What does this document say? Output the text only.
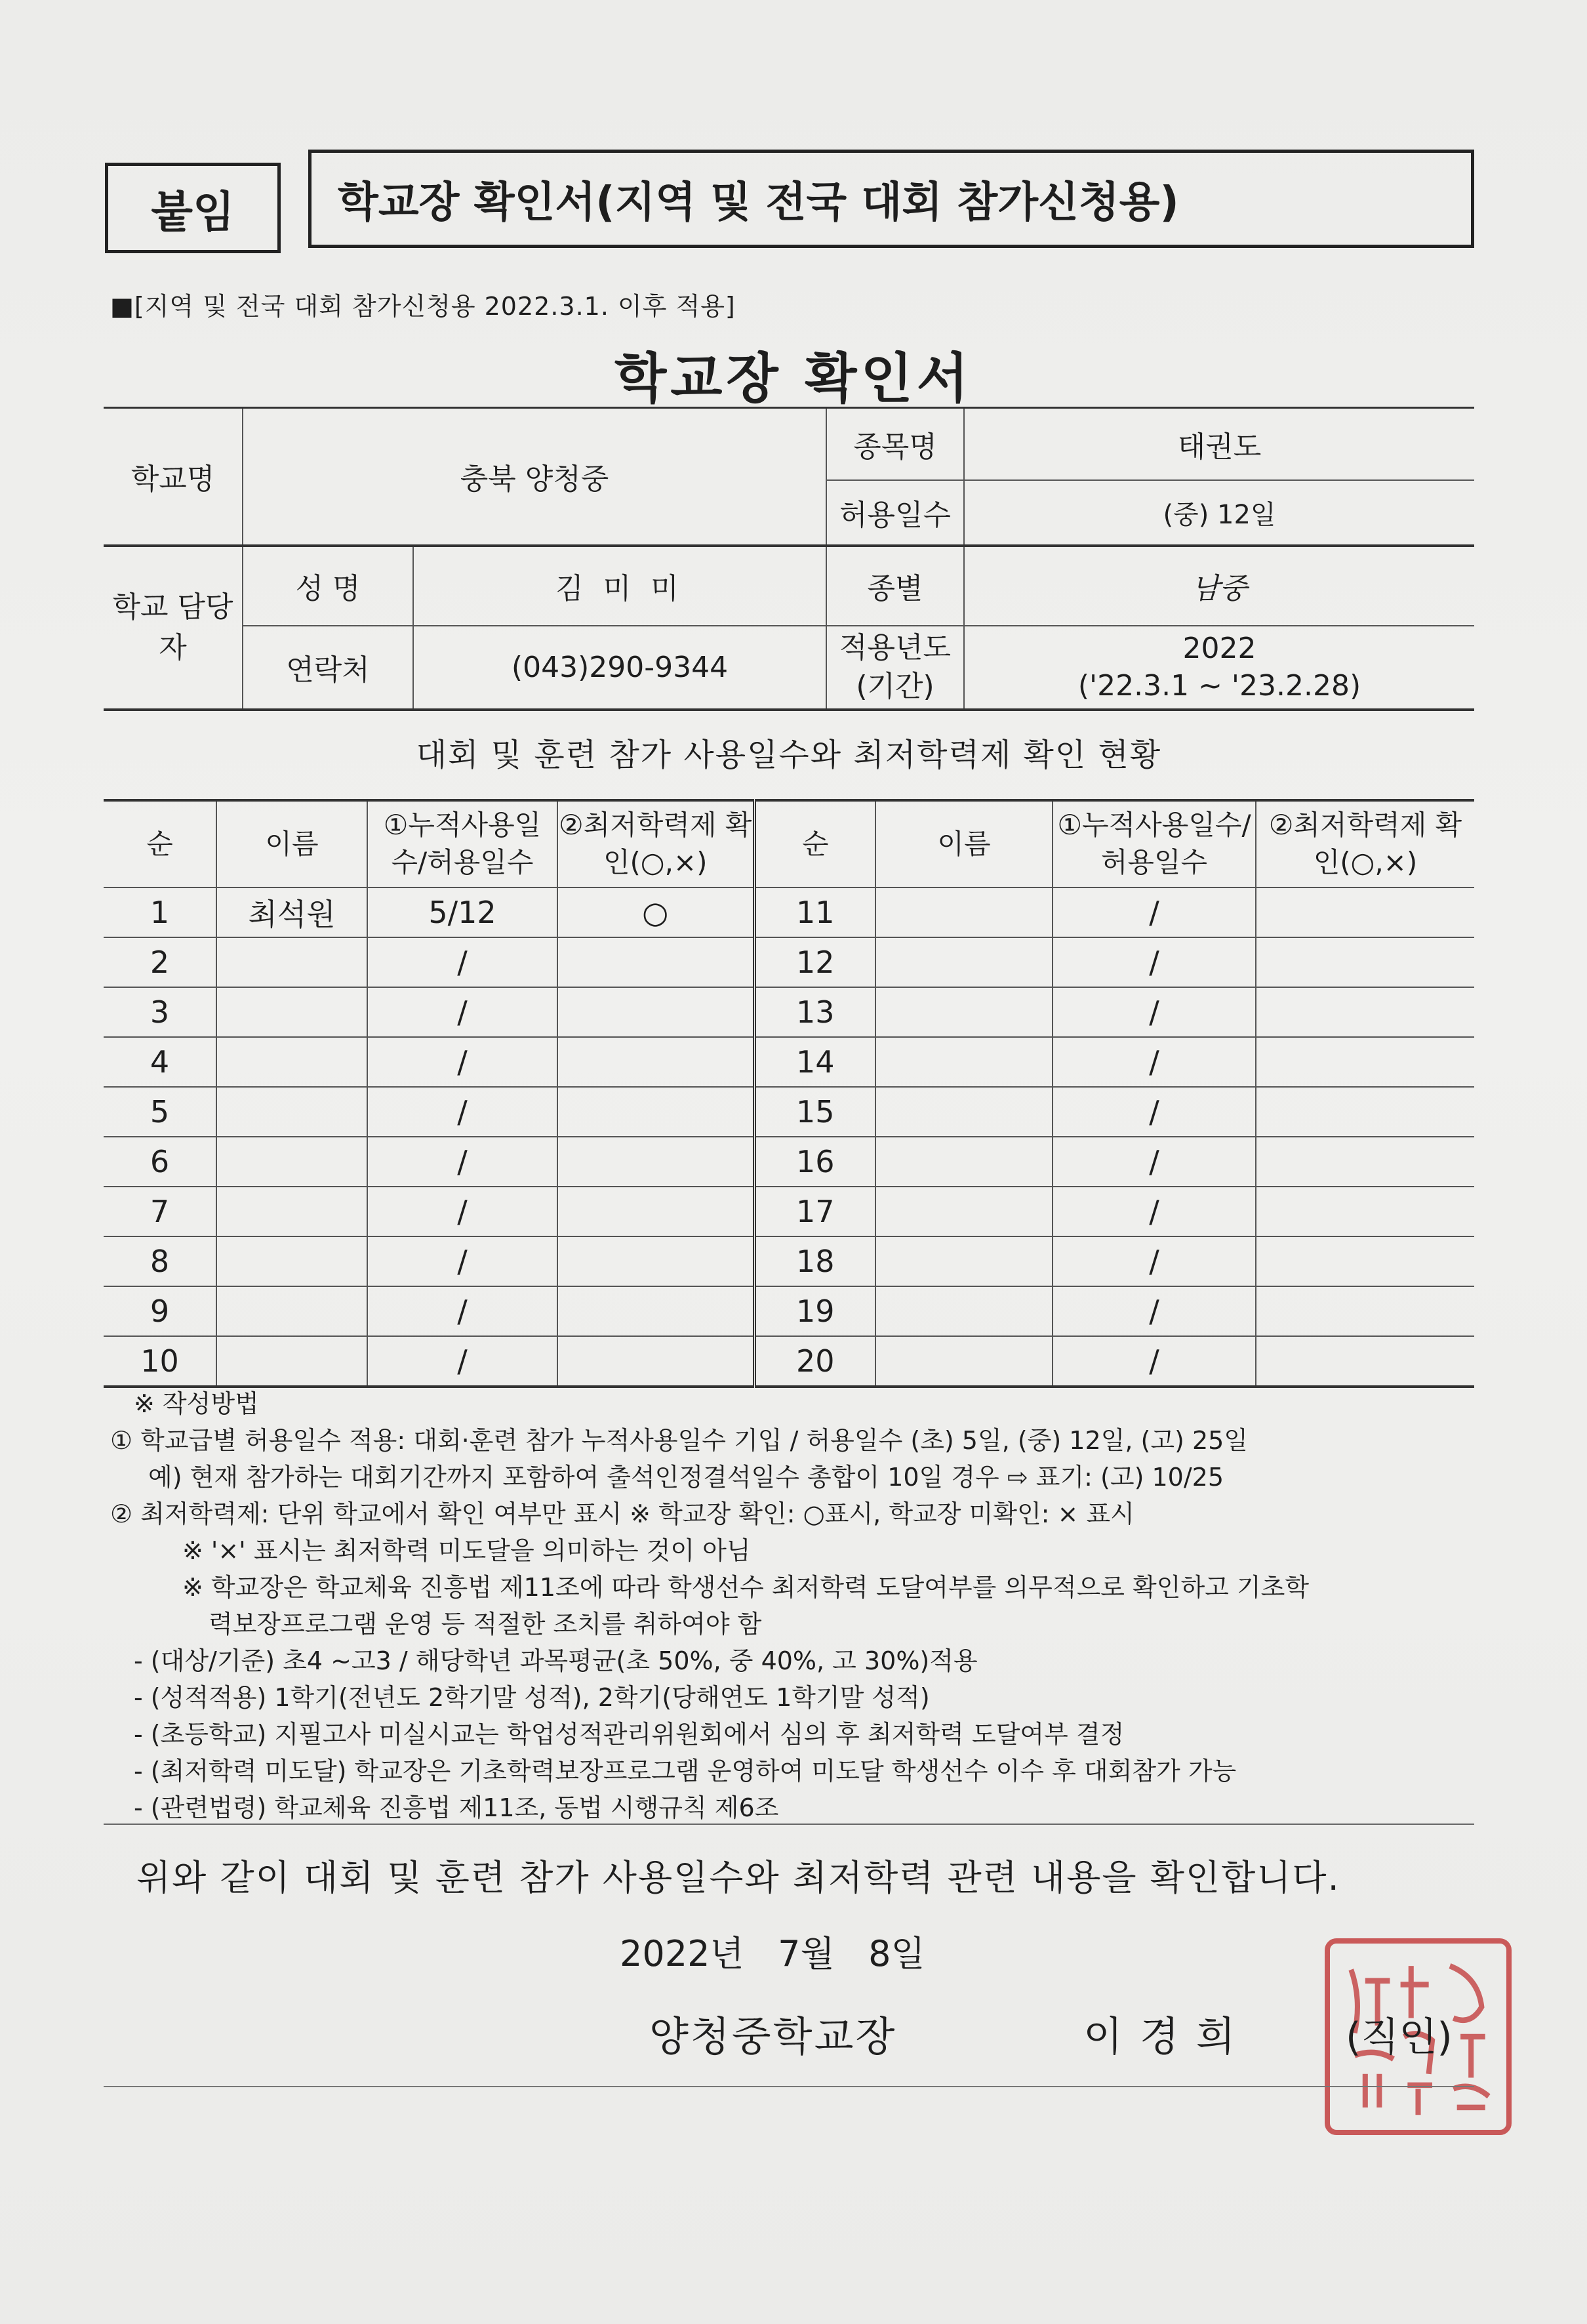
붙임 학교장 확인서(지역 및 전국 대회 참가신청용)
■[지역 및 전국 대회 참가신청용 2022.3.1. 이후 적용]
학교장 확인서
학교명	충북 양청중		종목명	태권도
			허용일수	(중) 12일
학교 담당자	성 명	김 미 미	종별	남중
	연락처	(043)290-9344	적용년도 (기간)	2022
('22.3.1 ~ '23.2.28)
대회 및 훈련 참가 사용일수와 최저학력제 확인 현황
순	이름	①누적사용일수/허용일수	②최저학력제 확인(○,×)	순	이름	①누적사용일수/허용일수	②최저학력제 확인(○,×)
1	최석원	5/12	○	11		/	
2		/		12		/	
3		/		13		/	
4		/		14		/	
5		/		15		/	
6		/		16		/	
7		/		17		/	
8		/		18		/	
9		/		19		/	
10		/		20		/	
※ 작성방법
① 학교급별 허용일수 적용: 대회·훈련 참가 누적사용일수 기입 / 허용일수 (초) 5일, (중) 12일, (고) 25일
예) 현재 참가하는 대회기간까지 포함하여 출석인정결석일수 총합이 10일 경우 ⇨ 표기: (고) 10/25
② 최저학력제: 단위 학교에서 확인 여부만 표시 ※ 학교장 확인: ○표시, 학교장 미확인: × 표시
※ '×' 표시는 최저학력 미도달을 의미하는 것이 아님
※ 학교장은 학교체육 진흥법 제11조에 따라 학생선수 최저학력 도달여부를 의무적으로 확인하고 기초학
력보장프로그램 운영 등 적절한 조치를 취하여야 함
- (대상/기준) 초4 ~고3 / 해당학년 과목평균(초 50%, 중 40%, 고 30%)적용
- (성적적용) 1학기(전년도 2학기말 성적), 2학기(당해연도 1학기말 성적)
- (초등학교) 지필고사 미실시교는 학업성적관리위원회에서 심의 후 최저학력 도달여부 결정
- (최저학력 미도달) 학교장은 기초학력보장프로그램 운영하여 미도달 학생선수 이수 후 대회참가 가능
- (관련법령) 학교체육 진흥법 제11조, 동법 시행규칙 제6조
위와 같이 대회 및 훈련 참가 사용일수와 최저학력 관련 내용을 확인합니다.
2022년   7월   8일
양청중학교장	이경희 (직인)
